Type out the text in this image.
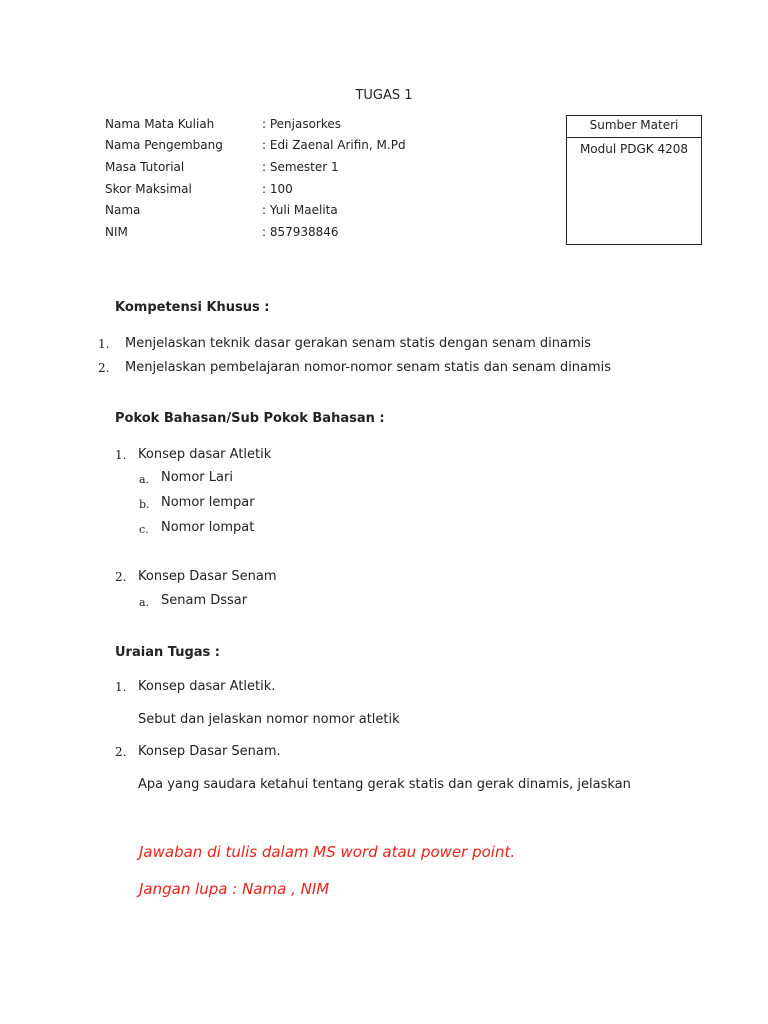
TUGAS 1
Nama Mata Kuliah	: Penjasorkes
Nama Pengembang	: Edi Zaenal Arifin, M.Pd
Masa Tutorial	: Semester 1
Skor Maksimal	: 100
Nama	: Yuli Maelita
NIM	: 857938846
Sumber Materi
Modul PDGK 4208
Kompetensi Khusus :
1. Menjelaskan teknik dasar gerakan senam statis dengan senam dinamis
2. Menjelaskan pembelajaran nomor-nomor senam statis dan senam dinamis
Pokok Bahasan/Sub Pokok Bahasan :
1. Konsep dasar Atletik
a. Nomor Lari
b. Nomor lempar
c. Nomor lompat
2. Konsep Dasar Senam
a. Senam Dssar
Uraian Tugas :
1. Konsep dasar Atletik.
Sebut dan jelaskan nomor nomor atletik
2. Konsep Dasar Senam.
Apa yang saudara ketahui tentang gerak statis dan gerak dinamis, jelaskan
Jawaban di tulis dalam MS word atau power point.
Jangan lupa : Nama , NIM
